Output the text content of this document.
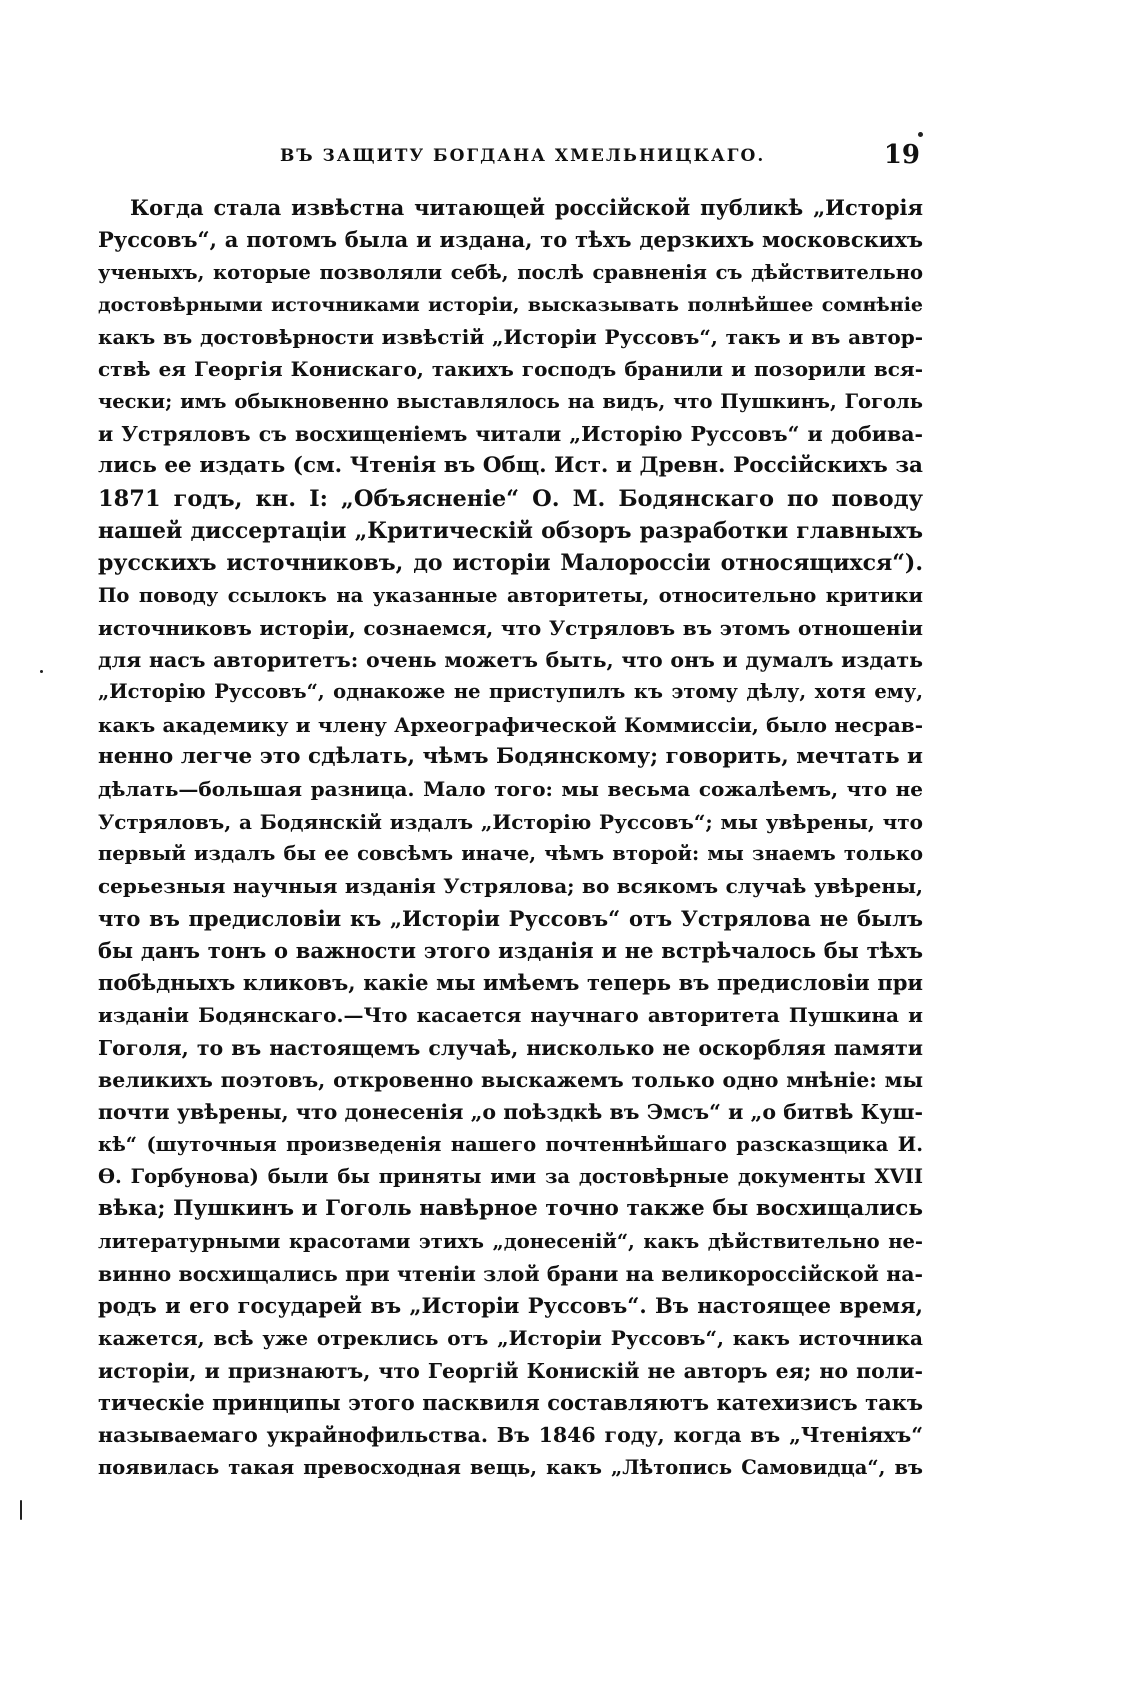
ВЪ ЗАЩИТУ БОГДАНА ХМЕЛЬНИЦКАГО.	19
Когда стала извѣстна читающей россійской публикѣ „Исторія
Руссовъ“, а потомъ была и издана, то тѣхъ дерзкихъ московскихъ
ученыхъ, которые позволяли себѣ, послѣ сравненія съ дѣйствительно
достовѣрными источниками исторіи, высказывать полнѣйшее сомнѣніе
какъ въ достовѣрности извѣстій „Исторіи Руссовъ“, такъ и въ автор-
ствѣ ея Георгія Конискаго, такихъ господъ бранили и позорили вся-
чески; имъ обыкновенно выставлялось на видъ, что Пушкинъ, Гоголь
и Устряловъ съ восхищеніемъ читали „Исторію Руссовъ“ и добива-
лись ее издать (см. Чтенія въ Общ. Ист. и Древн. Россійскихъ за
1871 годъ, кн. I: „Объясненіе“ О. М. Бодянскаго по поводу
нашей диссертаціи „Критическій обзоръ разработки главныхъ
русскихъ источниковъ, до исторіи Малороссіи относящихся“).
По поводу ссылокъ на указанные авторитеты, относительно критики
источниковъ исторіи, сознаемся, что Устряловъ въ этомъ отношеніи
для насъ авторитетъ: очень можетъ быть, что онъ и думалъ издать
„Исторію Руссовъ“, однакоже не приступилъ къ этому дѣлу, хотя ему,
какъ академику и члену Археографической Коммиссіи, было несрав-
ненно легче это сдѣлать, чѣмъ Бодянскому; говорить, мечтать и
дѣлать—большая разница. Мало того: мы весьма сожалѣемъ, что не
Устряловъ, а Бодянскій издалъ „Исторію Руссовъ“; мы увѣрены, что
первый издалъ бы ее совсѣмъ иначе, чѣмъ второй: мы знаемъ только
серьезныя научныя изданія Устрялова; во всякомъ случаѣ увѣрены,
что въ предисловіи къ „Исторіи Руссовъ“ отъ Устрялова не былъ
бы данъ тонъ о важности этого изданія и не встрѣчалось бы тѣхъ
побѣдныхъ кликовъ, какіе мы имѣемъ теперь въ предисловіи при
изданіи Бодянскаго.—Что касается научнаго авторитета Пушкина и
Гоголя, то въ настоящемъ случаѣ, нисколько не оскорбляя памяти
великихъ поэтовъ, откровенно выскажемъ только одно мнѣніе: мы
почти увѣрены, что донесенія „о поѣздкѣ въ Эмсъ“ и „о битвѣ Куш-
кѣ“ (шуточныя произведенія нашего почтеннѣйшаго разсказщика И.
Ѳ. Горбунова) были бы приняты ими за достовѣрные документы XVII
вѣка; Пушкинъ и Гоголь навѣрное точно также бы восхищались
литературными красотами этихъ „донесеній“, какъ дѣйствительно не-
винно восхищались при чтеніи злой брани на великороссійской на-
родъ и его государей въ „Исторіи Руссовъ“. Въ настоящее время,
кажется, всѣ уже отреклись отъ „Исторіи Руссовъ“, какъ источника
исторіи, и признаютъ, что Георгій Конискій не авторъ ея; но поли-
тическіе принципы этого пасквиля составляютъ катехизисъ такъ
называемаго украйнофильства. Въ 1846 году, когда въ „Чтеніяхъ“
появилась такая превосходная вещь, какъ „Лѣтопись Самовидца“, въ
